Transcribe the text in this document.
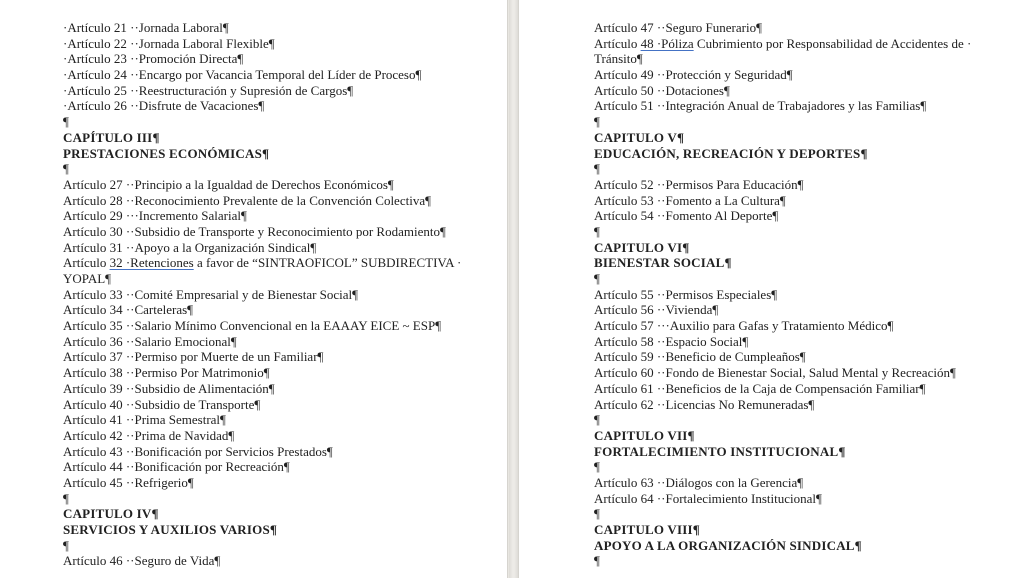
·Artículo 21 ··Jornada Laboral¶
·Artículo 22 ··Jornada Laboral Flexible¶
·Artículo 23 ··Promoción Directa¶
·Artículo 24 ··Encargo por Vacancia Temporal del Líder de Proceso¶
·Artículo 25 ··Reestructuración y Supresión de Cargos¶
·Artículo 26 ··Disfrute de Vacaciones¶
¶
CAPÍTULO III¶
PRESTACIONES ECONÓMICAS¶
¶
Artículo 27 ··Principio a la Igualdad de Derechos Económicos¶
Artículo 28 ··Reconocimiento Prevalente de la Convención Colectiva¶
Artículo 29 ···Incremento Salarial¶
Artículo 30 ··Subsidio de Transporte y Reconocimiento por Rodamiento¶
Artículo 31 ··Apoyo a la Organización Sindical¶
Artículo 32 ·Retenciones a favor de “SINTRAOFICOL” SUBDIRECTIVA ·
YOPAL¶
Artículo 33 ··Comité Empresarial y de Bienestar Social¶
Artículo 34 ··Carteleras¶
Artículo 35 ··Salario Mínimo Convencional en la EAAAY EICE ~ ESP¶
Artículo 36 ··Salario Emocional¶
Artículo 37 ··Permiso por Muerte de un Familiar¶
Artículo 38 ··Permiso Por Matrimonio¶
Artículo 39 ··Subsidio de Alimentación¶
Artículo 40 ··Subsidio de Transporte¶
Artículo 41 ··Prima Semestral¶
Artículo 42 ··Prima de Navidad¶
Artículo 43 ··Bonificación por Servicios Prestados¶
Artículo 44 ··Bonificación por Recreación¶
Artículo 45 ··Refrigerio¶
¶
CAPITULO IV¶
SERVICIOS Y AUXILIOS VARIOS¶
¶
Artículo 46 ··Seguro de Vida¶
Artículo 47 ··Seguro Funerario¶
Artículo 48 ·Póliza Cubrimiento por Responsabilidad de Accidentes de ·
Tránsito¶
Artículo 49 ··Protección y Seguridad¶
Artículo 50 ··Dotaciones¶
Artículo 51 ··Integración Anual de Trabajadores y las Familias¶
¶
CAPITULO V¶
EDUCACIÓN, RECREACIÓN Y DEPORTES¶
¶
Artículo 52 ··Permisos Para Educación¶
Artículo 53 ··Fomento a La Cultura¶
Artículo 54 ··Fomento Al Deporte¶
¶
CAPITULO VI¶
BIENESTAR SOCIAL¶
¶
Artículo 55 ··Permisos Especiales¶
Artículo 56 ··Vivienda¶
Artículo 57 ···Auxilio para Gafas y Tratamiento Médico¶
Artículo 58 ··Espacio Social¶
Artículo 59 ··Beneficio de Cumpleaños¶
Artículo 60 ··Fondo de Bienestar Social, Salud Mental y Recreación¶
Artículo 61 ··Beneficios de la Caja de Compensación Familiar¶
Artículo 62 ··Licencias No Remuneradas¶
¶
CAPITULO VII¶
FORTALECIMIENTO INSTITUCIONAL¶
¶
Artículo 63 ··Diálogos con la Gerencia¶
Artículo 64 ··Fortalecimiento Institucional¶
¶
CAPITULO VIII¶
APOYO A LA ORGANIZACIÓN SINDICAL¶
¶
